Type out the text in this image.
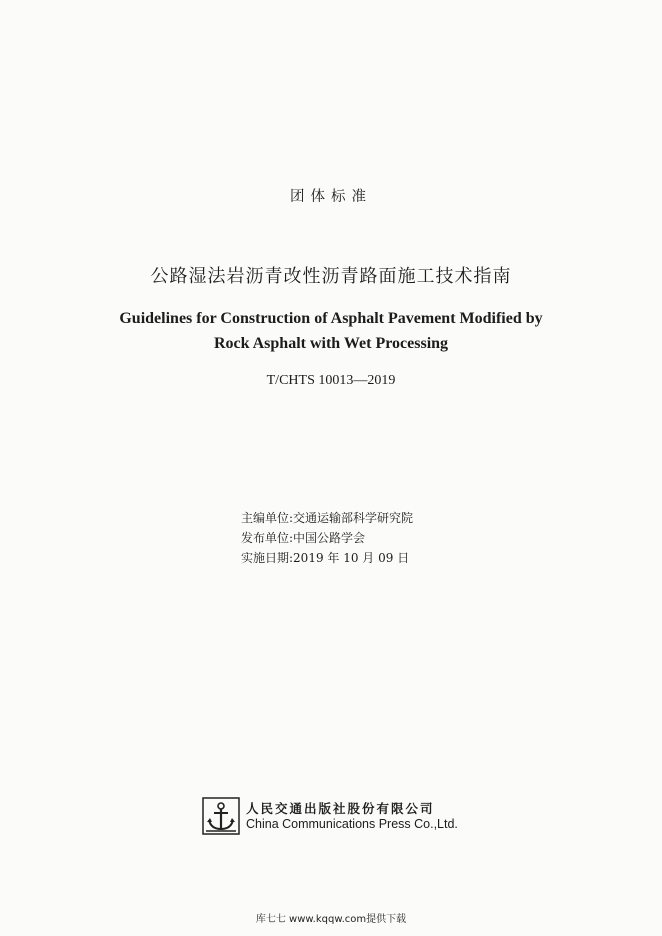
团体标准
公路湿法岩沥青改性沥青路面施工技术指南
Guidelines for Construction of Asphalt Pavement Modified by
Rock Asphalt with Wet Processing
T/CHTS 10013—2019
主编单位:交通运输部科学研究院
发布单位:中国公路学会
实施日期:2019 年 10 月 09 日
人民交通出版社股份有限公司
China Communications Press Co.,Ltd.
库七七 www.kqqw.com提供下载
